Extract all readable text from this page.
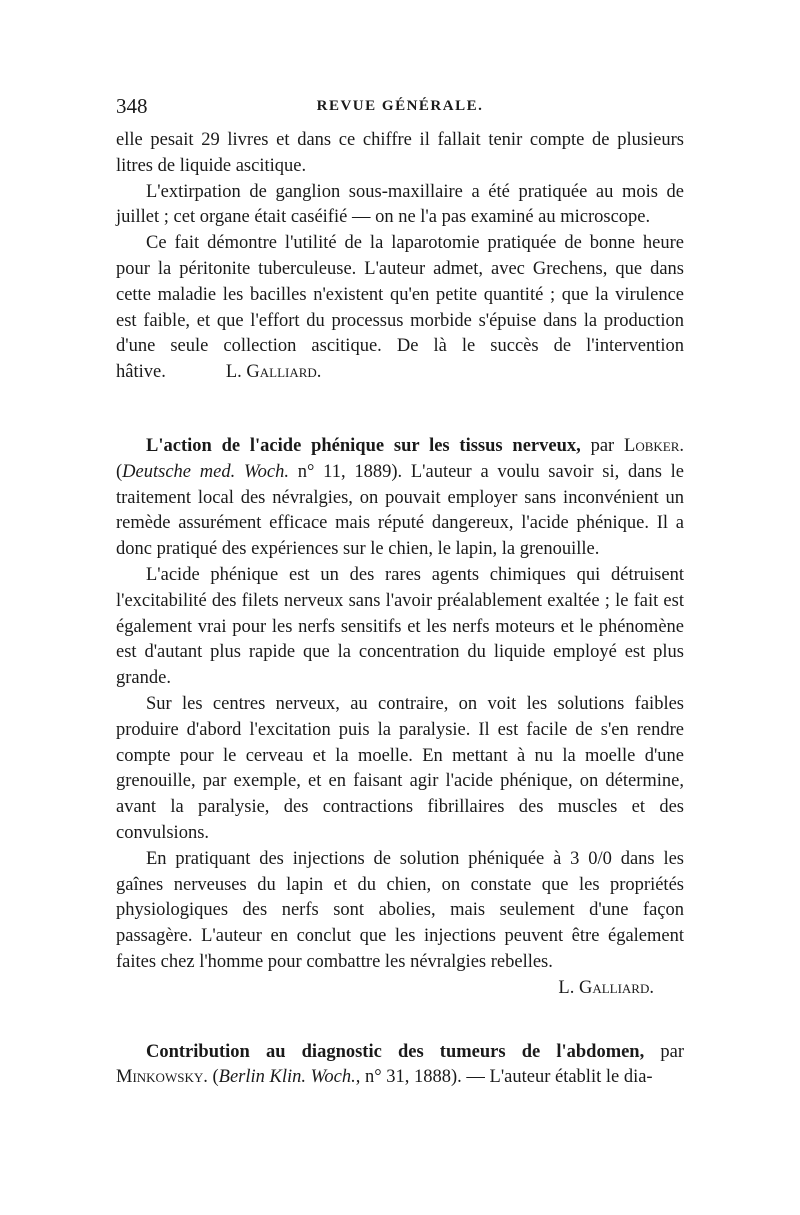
348	REVUE GÉNÉRALE.

elle pesait 29 livres et dans ce chiffre il fallait tenir compte de plusieurs litres de liquide ascitique.

L'extirpation de ganglion sous-maxillaire a été pratiquée au mois de juillet ; cet organe était caséifié — on ne l'a pas examiné au microscope.

Ce fait démontre l'utilité de la laparotomie pratiquée de bonne heure pour la péritonite tuberculeuse. L'auteur admet, avec Grechens, que dans cette maladie les bacilles n'existent qu'en petite quantité ; que la virulence est faible, et que l'effort du processus morbide s'épuise dans la production d'une seule collection ascitique. De là le succès de l'intervention hâtive.	L. Galliard.

L'action de l'acide phénique sur les tissus nerveux, par Lobker. (Deutsche med. Woch. n° 11, 1889). L'auteur a voulu savoir si, dans le traitement local des névralgies, on pouvait employer sans inconvénient un remède assurément efficace mais réputé dangereux, l'acide phénique. Il a donc pratiqué des expériences sur le chien, le lapin, la grenouille.

L'acide phénique est un des rares agents chimiques qui détruisent l'excitabilité des filets nerveux sans l'avoir préalablement exaltée ; le fait est également vrai pour les nerfs sensitifs et les nerfs moteurs et le phénomène est d'autant plus rapide que la concentration du liquide employé est plus grande.

Sur les centres nerveux, au contraire, on voit les solutions faibles produire d'abord l'excitation puis la paralysie. Il est facile de s'en rendre compte pour le cerveau et la moelle. En mettant à nu la moelle d'une grenouille, par exemple, et en faisant agir l'acide phénique, on détermine, avant la paralysie, des contractions fibrillaires des muscles et des convulsions.

En pratiquant des injections de solution phéniquée à 3 0/0 dans les gaînes nerveuses du lapin et du chien, on constate que les propriétés physiologiques des nerfs sont abolies, mais seulement d'une façon passagère. L'auteur en conclut que les injections peuvent être également faites chez l'homme pour combattre les névralgies rebelles.

L. Galliard.

Contribution au diagnostic des tumeurs de l'abdomen, par Minkowsky. (Berlin Klin. Woch., n° 31, 1888). — L'auteur établit le dia-
